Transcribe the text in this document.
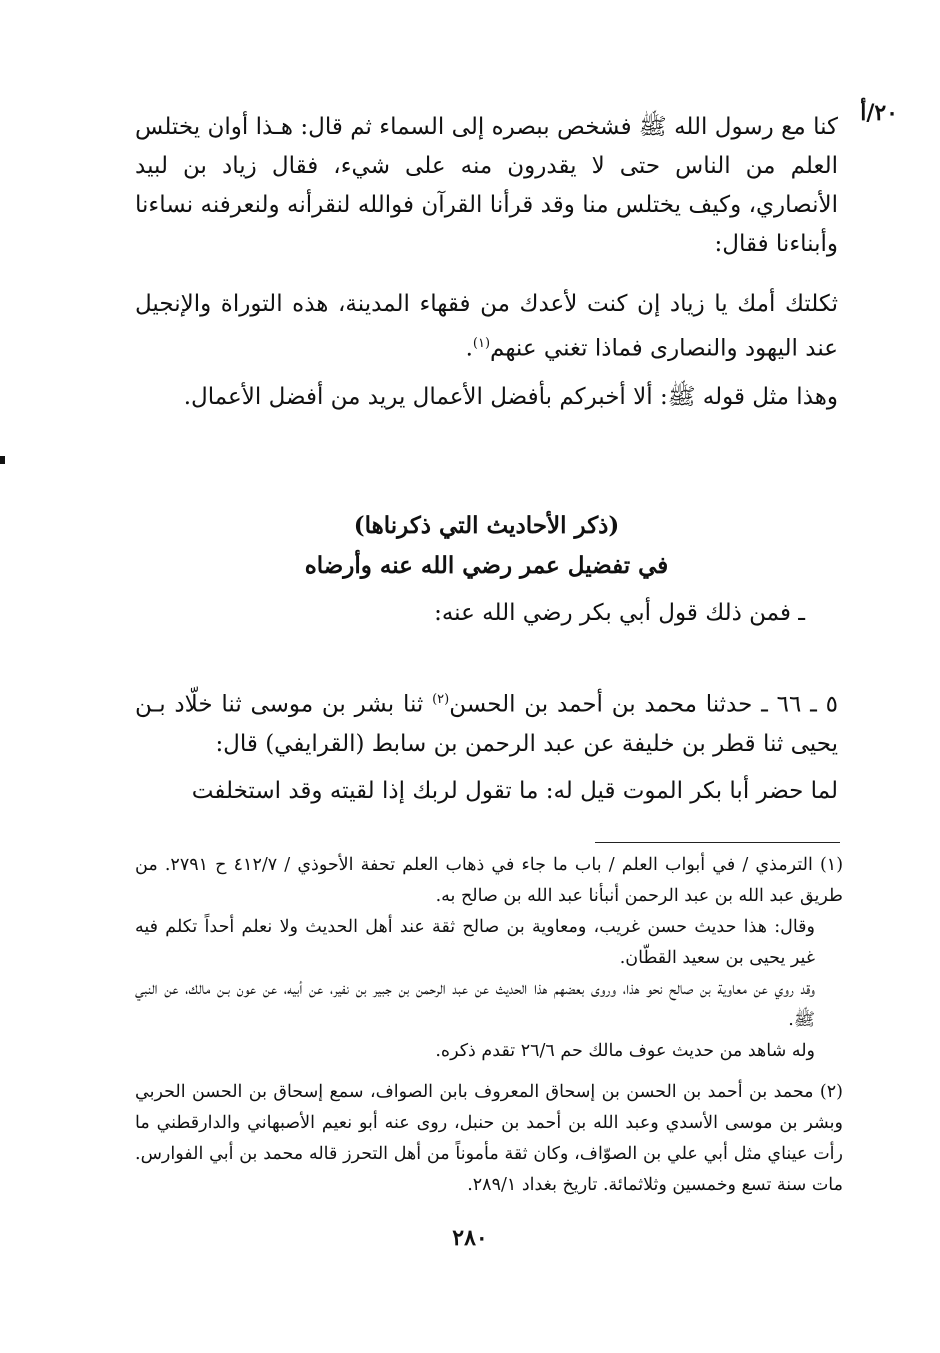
٢٠/أ

كنا مع رسول الله ﷺ فشخص ببصره إلى السماء ثم قال: هـذا أوان يختلس العلم من الناس حتى لا يقدرون منه على شيء، فقال زياد بن لبيد الأنصاري، وكيف يختلس منا وقد قرأنا القرآن فوالله لنقرأنه ولنعرفنه نساءنا وأبناءنا فقال:

ثكلتك أمك يا زياد إن كنت لأعدك من فقهاء المدينة، هذه التوراة والإنجيل عند اليهود والنصارى فماذا تغني عنهم$^{(١)}$.

وهذا مثل قوله ﷺ: ألا أخبركم بأفضل الأعمال يريد من أفضل الأعمال.

(ذكر الأحاديث التي ذكرناها)
في تفضيل عمر رضي الله عنه وأرضاه
ـ فمن ذلك قول أبي بكر رضي الله عنه:

٥ ـ ٦٦ ـ حدثنا محمد بن أحمد بن الحسن$^{(٢)}$ ثنا بشر بن موسى ثنا خلّاد بـن يحيى ثنا قطر بن خليفة عن عبد الرحمن بن سابط (القرايفي) قال:

لما حضر أبا بكر الموت قيل له: ما تقول لربك إذا لقيته وقد استخلفت

(١) الترمذي / في أبواب العلم / باب ما جاء في ذهاب العلم تحفة الأحوذي / ٤١٢/٧ ح ٢٧٩١. من طريق عبد الله بن عبد الرحمن أنبأنا عبد الله بن صالح به.

وقال: هذا حديث حسن غريب، ومعاوية بن صالح ثقة عند أهل الحديث ولا نعلم أحداً تكلم فيه غير يحيى بن سعيد القطّان.

وقد روي عن معاوية بن صالح نحو هذا، وروى بعضهم هذا الحديث عن عبد الرحمن بن جبير بن نفير، عن أبيه، عن عون بـن مالك، عن النبي ﷺ.

وله شاهد من حديث عوف مالك حم ٢٦/٦ تقدم ذكره.

(٢) محمد بن أحمد بن الحسن بن إسحاق المعروف بابن الصواف، سمع إسحاق بن الحسن الحربي وبشر بن موسى الأسدي وعبد الله بن أحمد بن حنبل، روى عنه أبو نعيم الأصبهاني والدارقطني ما رأت عيناي مثل أبي علي بن الصوّاف، وكان ثقة مأموناً من أهل التحرز قاله محمد بن أبي الفوارس. مات سنة تسع وخمسين وثلاثمائة. تاريخ بغداد ٢٨٩/١.

٢٨٠
